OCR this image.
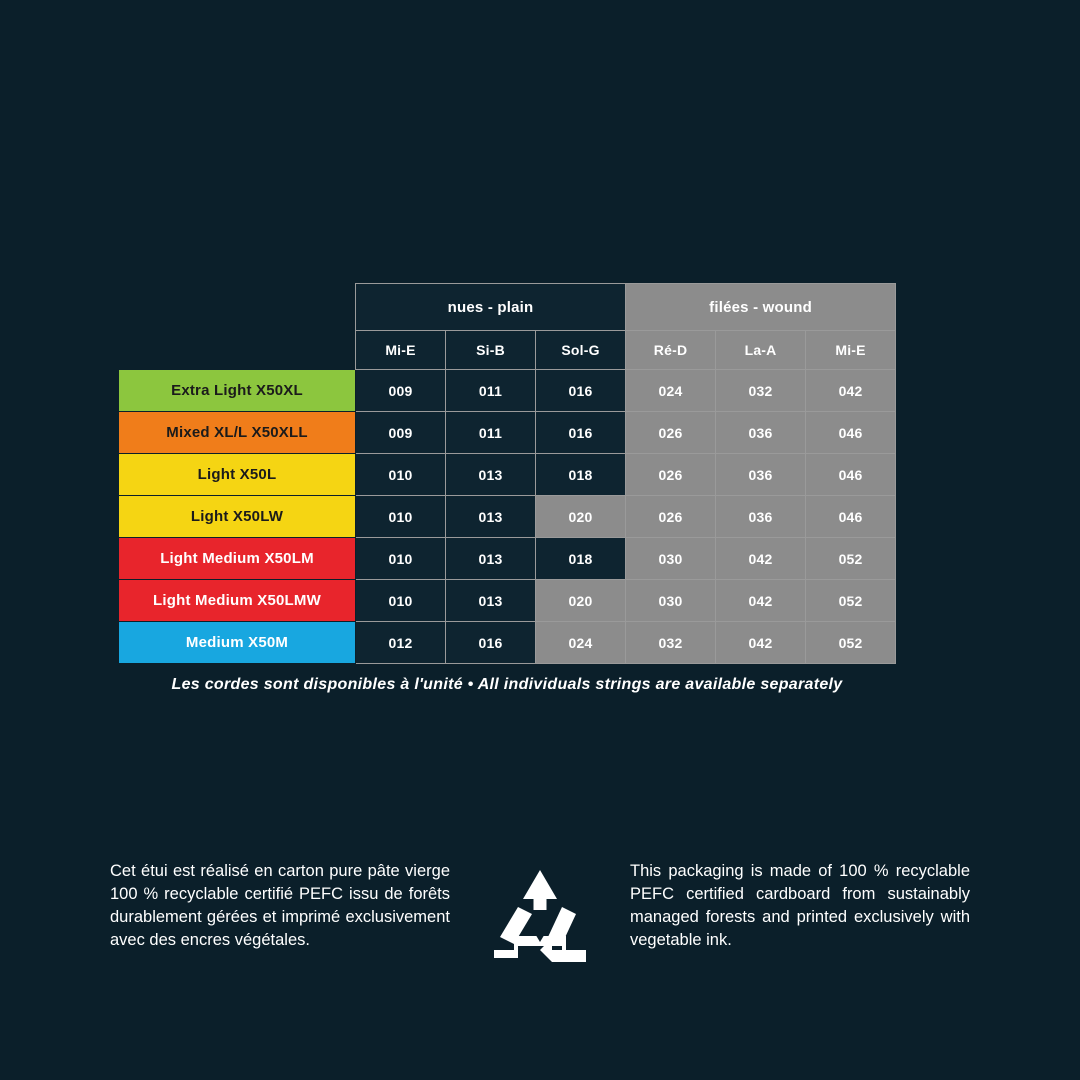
	nues - plain			filées - wound		
	Mi-E	Si-B	Sol-G	Ré-D	La-A	Mi-E
Extra Light X50XL	009	011	016	024	032	042
Mixed XL/L X50XLL	009	011	016	026	036	046
Light X50L	010	013	018	026	036	046
Light X50LW	010	013	020	026	036	046
Light Medium X50LM	010	013	018	030	042	052
Light Medium X50LMW	010	013	020	030	042	052
Medium X50M	012	016	024	032	042	052
Les cordes sont disponibles à l'unité • All individuals strings are available separately
Cet étui est réalisé en carton pure pâte vierge 100 % recyclable certifié PEFC issu de forêts durablement gérées et imprimé exclusivement avec des encres végétales.
This packaging is made of 100 % recyclable PEFC certified cardboard from sustainably managed forests and printed exclusively with vegetable ink.
